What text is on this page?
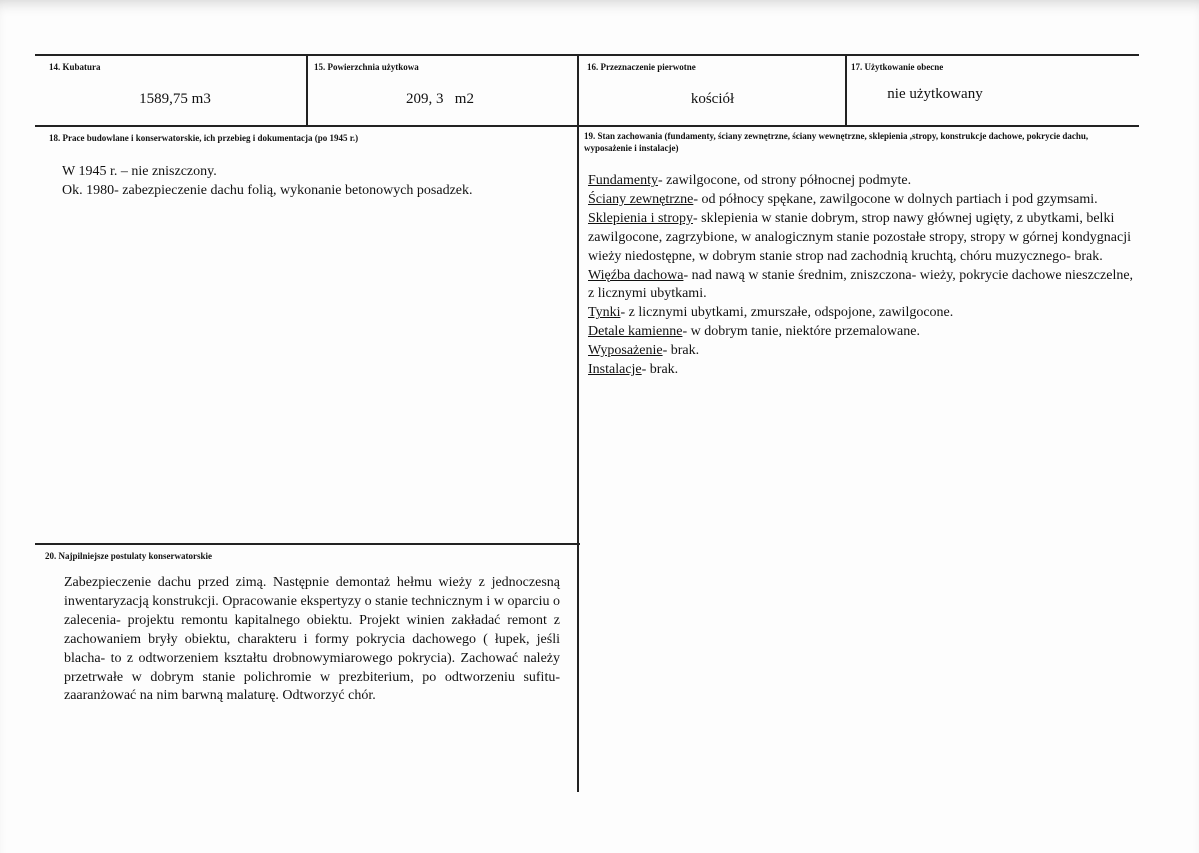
14. Kubatura
1589,75 m3
15. Powierzchnia użytkowa
209, 3   m2
16. Przeznaczenie pierwotne
kościół
17. Użytkowanie obecne
nie użytkowany
18. Prace budowlane i konserwatorskie, ich przebieg i dokumentacja (po 1945 r.)

W 1945 r. – nie zniszczony.

Ok. 1980- zabezpieczenie dachu folią, wykonanie betonowych posadzek.

19. Stan zachowania (fundamenty, ściany zewnętrzne, ściany wewnętrzne, sklepienia ,stropy, konstrukcje dachowe, pokrycie dachu, wyposażenie i instalacje)

Fundamenty- zawilgocone, od strony północnej podmyte.

Ściany zewnętrzne- od północy spękane, zawilgocone w dolnych partiach i pod gzymsami.

Sklepienia i stropy- sklepienia w stanie dobrym, strop nawy głównej ugięty, z ubytkami, belki zawilgocone, zagrzybione, w analogicznym stanie pozostałe stropy, stropy w górnej kondygnacji wieży niedostępne, w dobrym stanie strop nad zachodnią kruchtą, chóru muzycznego- brak.

Więźba dachowa- nad nawą w stanie średnim, zniszczona- wieży, pokrycie dachowe nieszczelne, z licznymi ubytkami.

Tynki- z licznymi ubytkami, zmurszałe, odspojone, zawilgocone.

Detale kamienne- w dobrym tanie, niektóre przemalowane.

Wyposażenie- brak.

Instalacje- brak.

20. Najpilniejsze postulaty konserwatorskie
Zabezpieczenie dachu przed zimą. Następnie demontaż hełmu wieży z jednoczesną inwentaryzacją konstrukcji. Opracowanie ekspertyzy o stanie technicznym i w oparciu o zalecenia- projektu remontu kapitalnego obiektu. Projekt winien zakładać remont z zachowaniem bryły obiektu, charakteru i formy pokrycia dachowego ( łupek, jeśli blacha- to z odtworzeniem kształtu drobnowymiarowego pokrycia). Zachować należy przetrwałe w dobrym stanie polichromie w prezbiterium, po odtworzeniu sufitu- zaaranżować na nim barwną malaturę. Odtworzyć chór.
